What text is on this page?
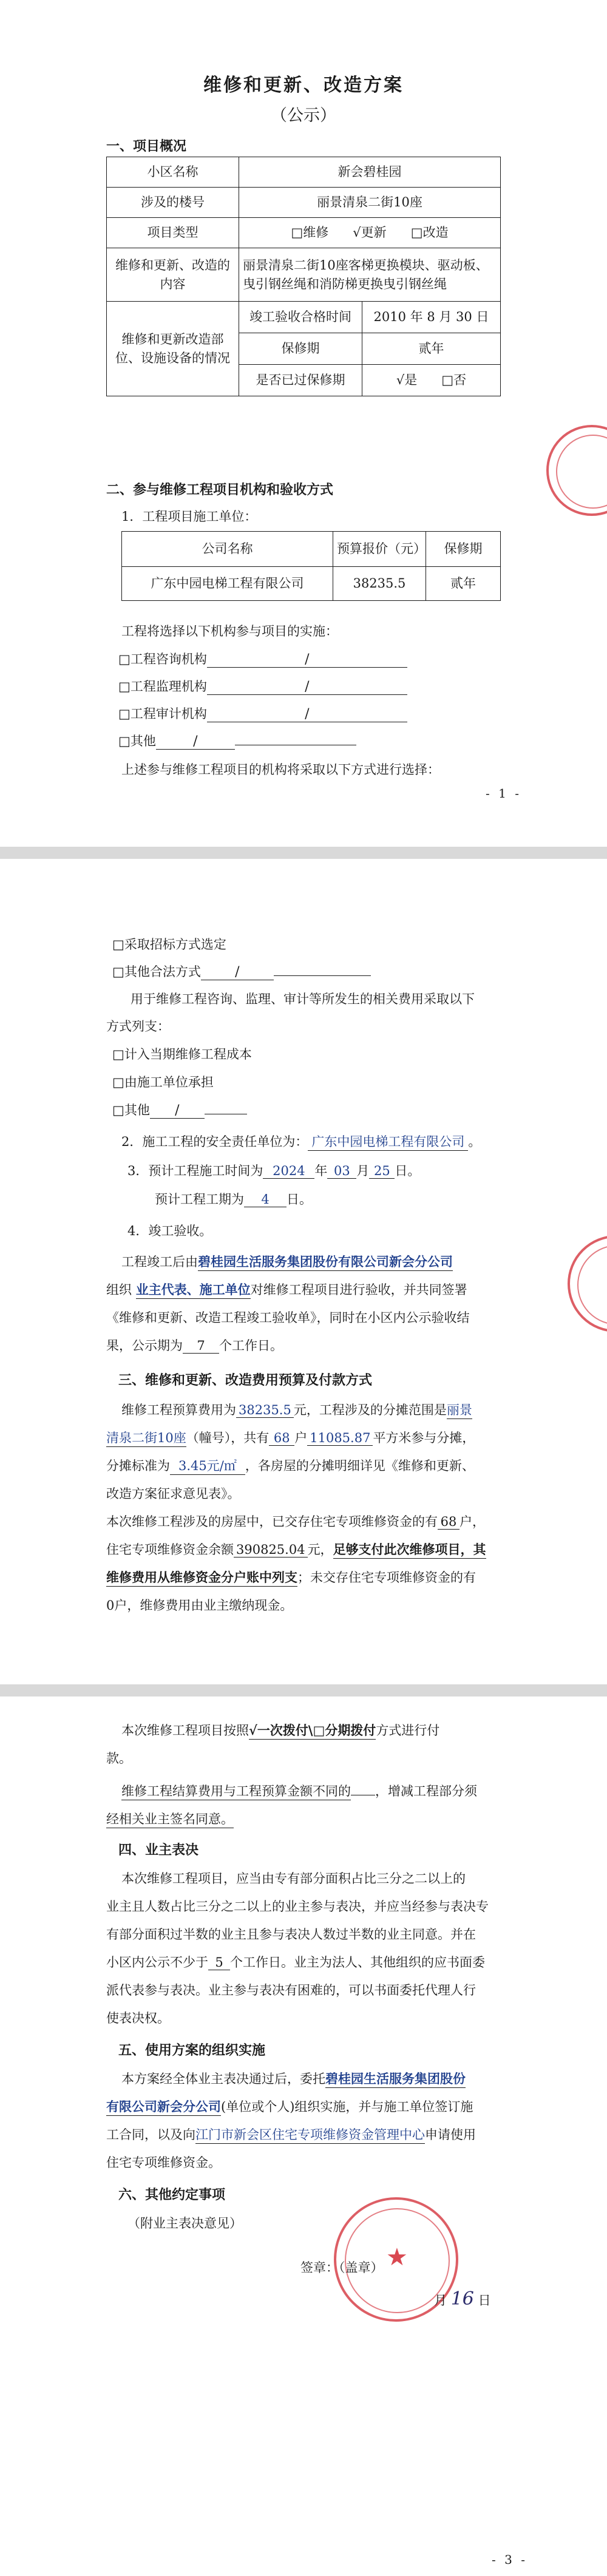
维修和更新、改造方案
（公示）
一、项目概况
小区名称	新会碧桂园	
涉及的楼号	丽景清泉二街10座	
项目类型	□维修 √更新 □改造	
维修和更新、改造的内容	丽景清泉二街10座客梯更换模块、驱动板、曳引钢丝绳和消防梯更换曳引钢丝绳	
维修和更新改造部位、设施设备的情况	竣工验收合格时间	2010 年 8 月 30 日
	保修期	贰年
	是否已过保修期	√是 □否
二、参与维修工程项目机构和验收方式
1．工程项目施工单位：
公司名称	预算报价（元）	保修期
广东中园电梯工程有限公司	38235.5	贰年
工程将选择以下机构参与项目的实施：
□工程咨询机构	/
□工程监理机构	/
□工程审计机构	/
□其他	/
上述参与维修工程项目的机构将采取以下方式进行选择：
- 1 -
□采取招标方式选定
□其他合法方式	/
用于维修工程咨询、监理、审计等所发生的相关费用采取以下
方式列支：
□计入当期维修工程成本
□由施工单位承担
□其他 /
2．施工工程的安全责任单位为： 广东中园电梯工程有限公司 。
3．预计工程施工时间为 2024 年 03 月 25 日。
预计工程工期为 4 日。
4．竣工验收。
工程竣工后由碧桂园生活服务集团股份有限公司新会分公司
组织 业主代表、施工单位对维修工程项目进行验收，并共同签署
《维修和更新、改造工程竣工验收单》，同时在小区内公示验收结
果，公示期为 7 个工作日。
三、维修和更新、改造费用预算及付款方式
维修工程预算费用为 38235.5 元，工程涉及的分摊范围是丽景
清泉二街10座（幢号），共有 68 户 11085.87 平方米参与分摊，
分摊标准为 3.45元/㎡ ，各房屋的分摊明细详见《维修和更新、
改造方案征求意见表》。
本次维修工程涉及的房屋中，已交存住宅专项维修资金的有 68 户，
住宅专项维修资金余额 390825.04 元，足够支付此次维修项目，其
维修费用从维修资金分户账中列支；未交存住宅专项维修资金的有
0户，维修费用由业主缴纳现金。
本次维修工程项目按照√一次拨付\□分期拨付方式进行付
款。
维修工程结算费用与工程预算金额不同的 ，增减工程部分须
经相关业主签名同意。
四、业主表决
本次维修工程项目，应当由专有部分面积占比三分之二以上的
业主且人数占比三分之二以上的业主参与表决，并应当经参与表决专
有部分面积过半数的业主且参与表决人数过半数的业主同意。并在
小区内公示不少于 5 个工作日。业主为法人、其他组织的应书面委
派代表参与表决。业主参与表决有困难的，可以书面委托代理人行
使表决权。
五、使用方案的组织实施
本方案经全体业主表决通过后，委托碧桂园生活服务集团股份
有限公司新会分公司(单位或个人)组织实施，并与施工单位签订施
工合同，以及向江门市新会区住宅专项维修资金管理中心申请使用
住宅专项维修资金。
六、其他约定事项
（附业主表决意见）
★
签章：（盖章）
月 16 日
- 3 -
